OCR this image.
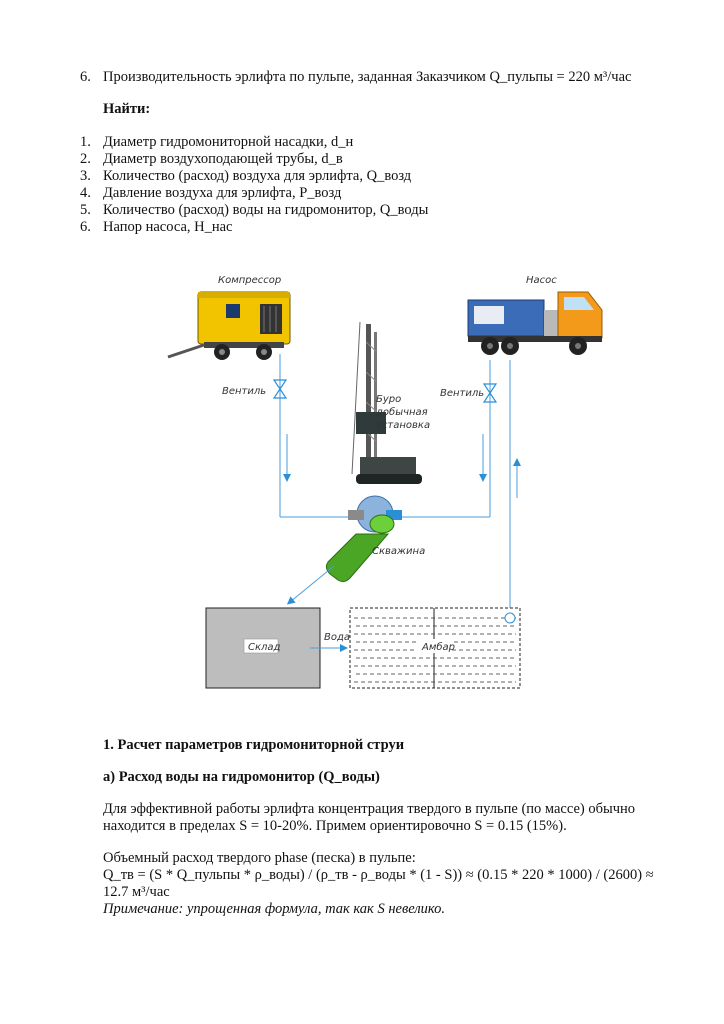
6. Производительность эрлифта по пульпе, заданная Заказчиком Q_пульпы = 220 м³/час
Найти:
1. Диаметр гидромониторной насадки, d_н
2. Диаметр воздухоподающей трубы, d_в
3. Количество (расход) воздуха для эрлифта, Q_возд
4. Давление воздуха для эрлифта, P_возд
5. Количество (расход) воды на гидромонитор, Q_воды
6. Напор насоса, H_нас
Компрессор	Насос
Буро
добычная
установка
Вентиль	Вентиль
Скважина
Склад
Вода
Амбар
1. Расчет параметров гидромониторной струи
а) Расход воды на гидромонитор (Q_воды)
Для эффективной работы эрлифта концентрация твердого в пульпе (по массе) обычно
находится в пределах S = 10-20%. Примем ориентировочно S = 0.15 (15%).
Объемный расход твердого phase (песка) в пульпе:
Q_тв = (S * Q_пульпы * ρ_воды) / (ρ_тв - ρ_воды * (1 - S)) ≈ (0.15 * 220 * 1000) / (2600) ≈
12.7 м³/час
Примечание: упрощенная формула, так как S невелико.
